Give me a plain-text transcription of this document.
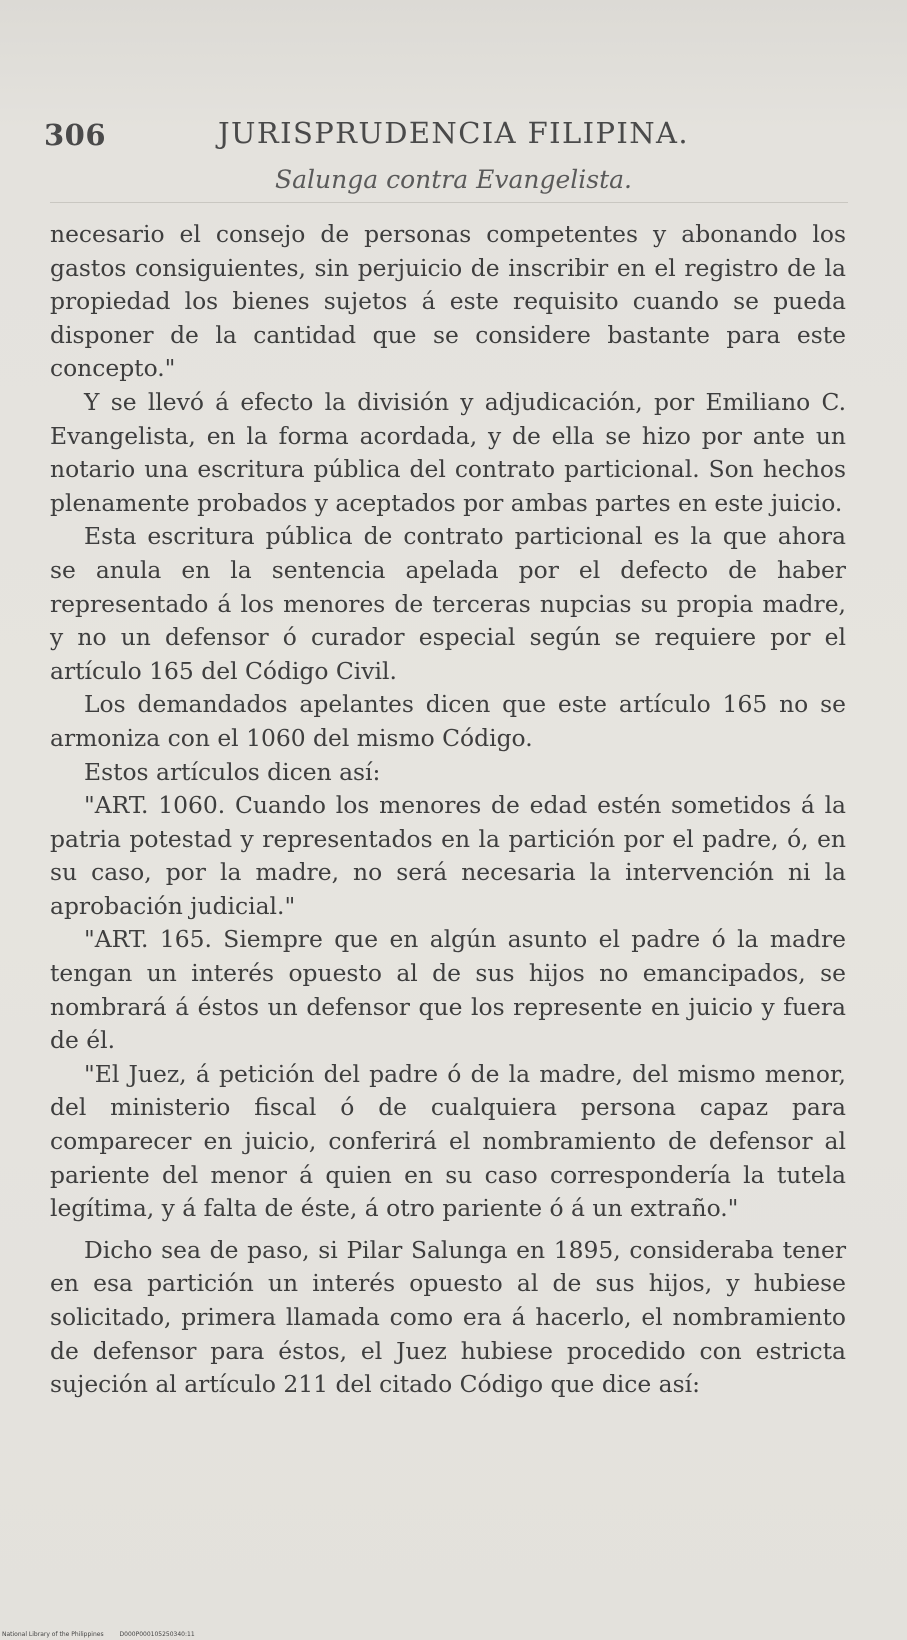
306	JURISPRUDENCIA FILIPINA.
Salunga contra Evangelista.

necesario el consejo de personas competentes y abonando los gastos consiguientes, sin perjuicio de inscribir en el registro de la propiedad los bienes sujetos á este requisito cuando se pueda disponer de la cantidad que se considere bastante para este concepto."

Y se llevó á efecto la división y adjudicación, por Emiliano C. Evangelista, en la forma acordada, y de ella se hizo por ante un notario una escritura pública del contrato particional. Son hechos plenamente probados y aceptados por ambas partes en este juicio.

Esta escritura pública de contrato particional es la que ahora se anula en la sentencia apelada por el defecto de haber representado á los menores de terceras nupcias su propia madre, y no un defensor ó curador especial según se requiere por el artículo 165 del Código Civil.

Los demandados apelantes dicen que este artículo 165 no se armoniza con el 1060 del mismo Código.

Estos artículos dicen así:

"ART. 1060. Cuando los menores de edad estén sometidos á la patria potestad y representados en la partición por el padre, ó, en su caso, por la madre, no será necesaria la intervención ni la aprobación judicial."

"ART. 165. Siempre que en algún asunto el padre ó la madre tengan un interés opuesto al de sus hijos no emancipados, se nombrará á éstos un defensor que los represente en juicio y fuera de él.

"El Juez, á petición del padre ó de la madre, del mismo menor, del ministerio fiscal ó de cualquiera persona capaz para comparecer en juicio, conferirá el nombramiento de defensor al pariente del menor á quien en su caso correspondería la tutela legítima, y á falta de éste, á otro pariente ó á un extraño."

Dicho sea de paso, si Pilar Salunga en 1895, consideraba tener en esa partición un interés opuesto al de sus hijos, y hubiese solicitado, primera llamada como era á hacerlo, el nombramiento de defensor para éstos, el Juez hubiese procedido con estricta sujeción al artículo 211 del citado Código que dice así:

National Library of the Philippines	D000P000105250340:11
